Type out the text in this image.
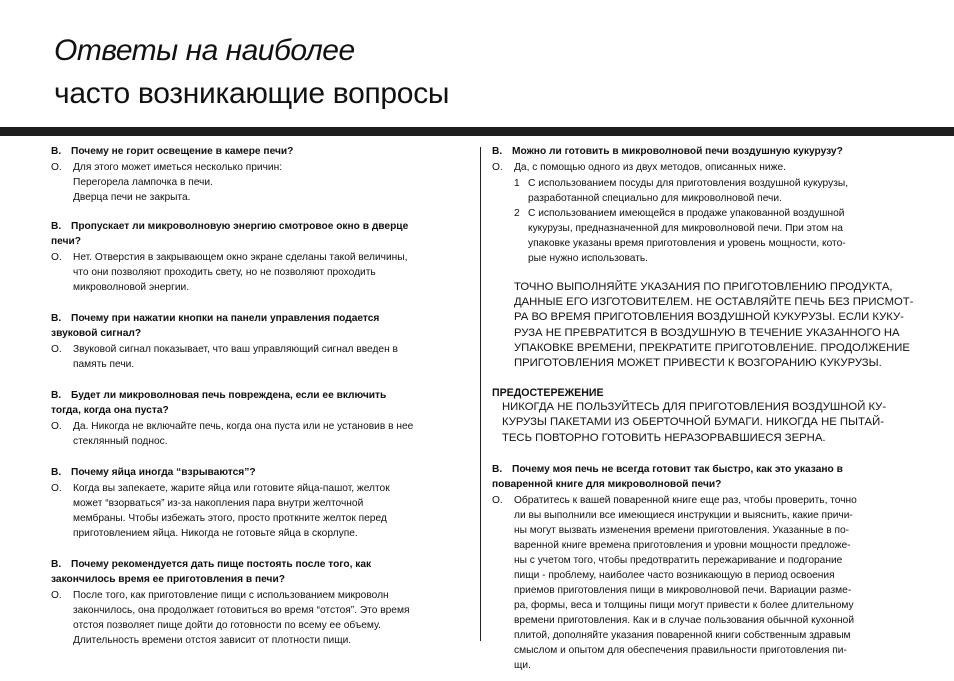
Ответы на наиболее
часто возникающие вопросы
В. Почему не горит освещение в камере печи?
О. Для этого может иметься несколько причин:
Перегорела лампочка в печи.
Дверца печи не закрыта.
В. Пропускает ли микроволновую энергию смотровое окно в дверце
печи?
О. Нет. Отверстия в закрывающем окно экране сделаны такой величины,
что они позволяют проходить свету, но не позволяют проходить
микроволновой энергии.
В. Почему при нажатии кнопки на панели управления подается
звуковой сигнал?
О. Звуковой сигнал показывает, что ваш управляющий сигнал введен в
память печи.
В. Будет ли микроволновая печь повреждена, если ее включить
тогда, когда она пуста?
О. Да. Никогда не включайте печь, когда она пуста или не установив в нее
стеклянный поднос.
В. Почему яйца иногда “взрываются”?
О. Когда вы запекаете, жарите яйца или готовите яйца-пашот, желток
может “взорваться” из-за накопления пара внутри желточной
мембраны. Чтобы избежать этого, просто проткните желток перед
приготовлением яйца. Никогда не готовьте яйца в скорлупе.
В. Почему рекомендуется дать пище постоять после того, как
закончилось время ее приготовления в печи?
О. После того, как приготовление пищи с использованием микроволн
закончилось, она продолжает готовиться во время “отстоя”. Это время
отстоя позволяет пище дойти до готовности по всему ее объему.
Длительность времени отстоя зависит от плотности пищи.
В. Можно ли готовить в микроволновой печи воздушную кукурузу?
О. Да, с помощью одного из двух методов, описанных ниже.
1 С использованием посуды для приготовления воздушной кукурузы,
разработанной специально для микроволновой печи.
2 С использованием имеющейся в продаже упакованной воздушной
кукурузы, предназначенной для микроволновой печи. При этом на
упаковке указаны время приготовления и уровень мощности, кото-
рые нужно использовать.
ТОЧНО ВЫПОЛНЯЙТЕ УКАЗАНИЯ ПО ПРИГОТОВЛЕНИЮ ПРОДУКТА,
ДАННЫЕ ЕГО ИЗГОТОВИТЕЛЕМ. НЕ ОСТАВЛЯЙТЕ ПЕЧЬ БЕЗ ПРИСМОТ-
РА ВО ВРЕМЯ ПРИГОТОВЛЕНИЯ ВОЗДУШНОЙ КУКУРУЗЫ. ЕСЛИ КУКУ-
РУЗА НЕ ПРЕВРАТИТСЯ В ВОЗДУШНУЮ В ТЕЧЕНИЕ УКАЗАННОГО НА
УПАКОВКЕ ВРЕМЕНИ, ПРЕКРАТИТЕ ПРИГОТОВЛЕНИЕ. ПРОДОЛЖЕНИЕ
ПРИГОТОВЛЕНИЯ МОЖЕТ ПРИВЕСТИ К ВОЗГОРАНИЮ КУКУРУЗЫ.
ПРЕДОСТЕРЕЖЕНИЕ
НИКОГДА НЕ ПОЛЬЗУЙТЕСЬ ДЛЯ ПРИГОТОВЛЕНИЯ ВОЗДУШНОЙ КУ-
КУРУЗЫ ПАКЕТАМИ ИЗ ОБЕРТОЧНОЙ БУМАГИ. НИКОГДА НЕ ПЫТАЙ-
ТЕСЬ ПОВТОРНО ГОТОВИТЬ НЕРАЗОРВАВШИЕСЯ ЗЕРНА.
В. Почему моя печь не всегда готовит так быстро, как это указано в
поваренной книге для микроволновой печи?
О. Обратитесь к вашей поваренной книге еще раз, чтобы проверить, точно
ли вы выполнили все имеющиеся инструкции и выяснить, какие причи-
ны могут вызвать изменения времени приготовления. Указанные в по-
варенной книге времена приготовления и уровни мощности предложе-
ны с учетом того, чтобы предотвратить пережаривание и подгорание
пищи - проблему, наиболее часто возникающую в период освоения
приемов приготовления пищи в микроволновой печи. Вариации разме-
ра, формы, веса и толщины пищи могут привести к более длительному
времени приготовления. Как и в случае пользования обычной кухонной
плитой, дополняйте указания поваренной книги собственным здравым
смыслом и опытом для обеспечения правильности приготовления пи-
щи.
